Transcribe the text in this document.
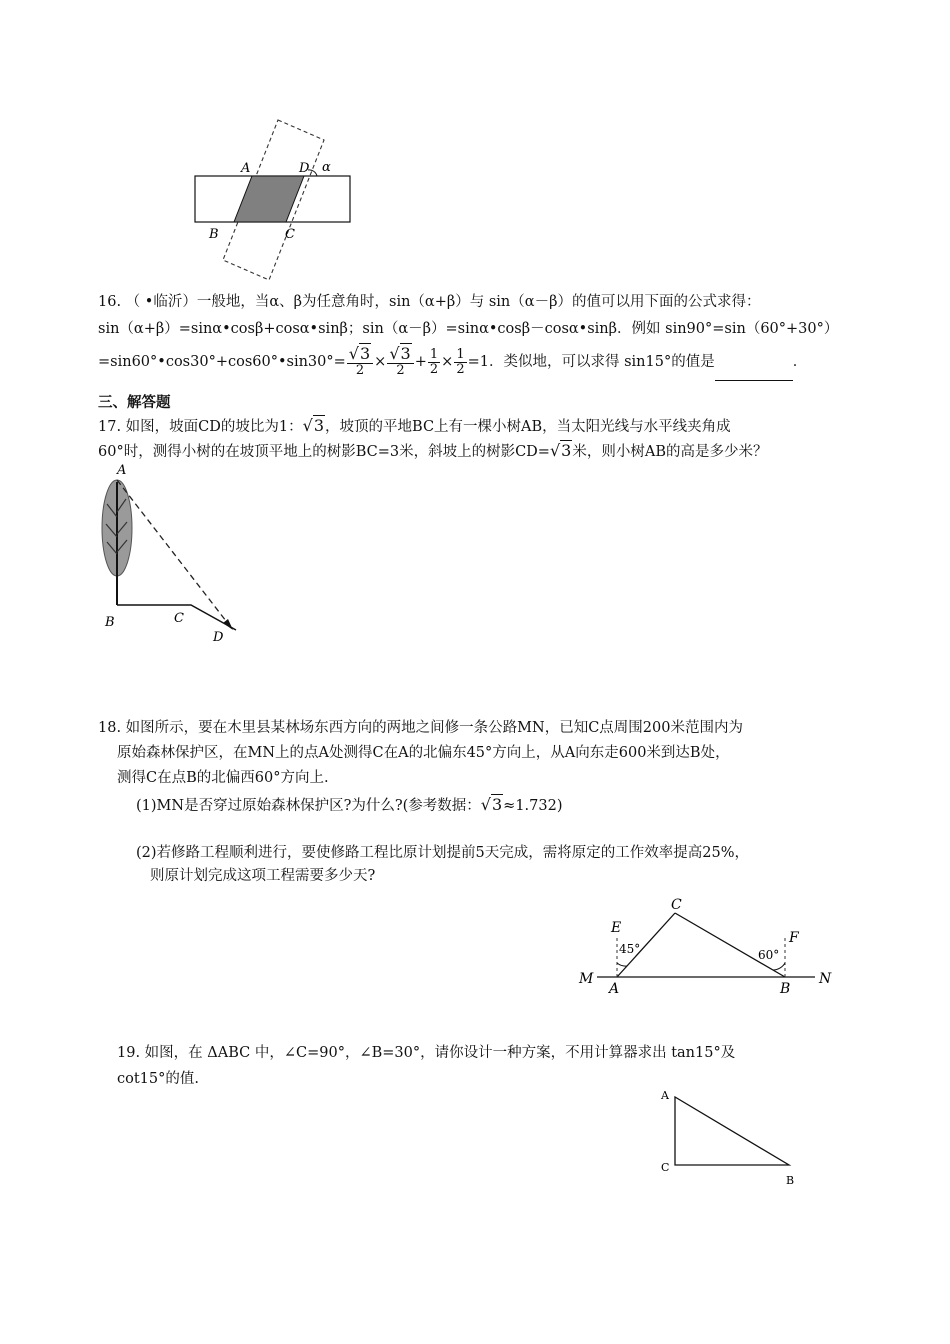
A	D α
B	C
16. （ •临沂）一般地，当α、β为任意角时，sin（α+β）与 sin（α－β）的值可以用下面的公式求得：
sin（α+β）=sinα•cosβ+cosα•sinβ；sin（α－β）=sinα•cosβ－cosα•sinβ．例如 sin90°=sin（60°+30°）
=sin60°•cos30°+cos60°•sin30°= $\frac{√3}{2} \times \frac{√3}{2} + \frac{1}{2} \times \frac{1}{2} =1$．类似地，可以求得 sin15°的值是	．
三、解答题
17. 如图，坡面CD的坡比为1：√3，坡顶的平地BC上有一棵小树AB，当太阳光线与水平线夹角成
60°时，测得小树的在坡顶平地上的树影BC=3米，斜坡上的树影CD=√3米，则小树AB的高是多少米？
A
B	C
D
18. 如图所示，要在木里县某林场东西方向的两地之间修一条公路MN，已知C点周围200米范围内为
原始森林保护区，在MN上的点A处测得C在A的北偏东45°方向上，从A向东走600米到达B处，
测得C在点B的北偏西60°方向上.
(1)MN是否穿过原始森林保护区?为什么?(参考数据：√3≈1.732)
(2)若修路工程顺利进行，要使修路工程比原计划提前5天完成，需将原定的工作效率提高25%，
则原计划完成这项工程需要多少天?
C
E
F
45°	60°
M
A	B
N
19. 如图，在 ΔABC 中，∠C=90°，∠B=30°，请你设计一种方案，不用计算器求出 tan15°及
cot15°的值.
A
C
B
